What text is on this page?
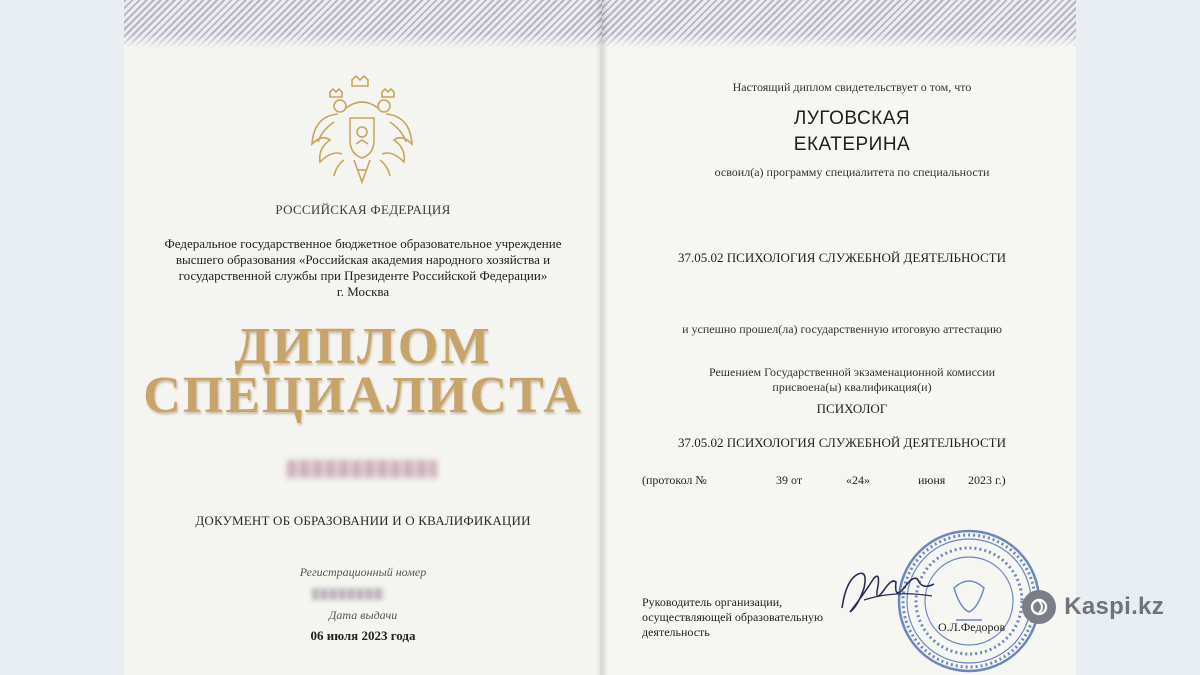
РОССИЙСКАЯ ФЕДЕРАЦИЯ
Федеральное государственное бюджетное образовательное учреждение
высшего образования «Российская академия народного хозяйства и
государственной службы при Президенте Российской Федерации»
г. Москва
ДИПЛОМ
СПЕЦИАЛИСТА
ДОКУМЕНТ ОБ ОБРАЗОВАНИИ И О КВАЛИФИКАЦИИ
Регистрационный номер
Дата выдачи
06 июля 2023 года
Настоящий диплом свидетельствует о том, что
ЛУГОВСКАЯ
ЕКАТЕРИНА
освоил(а) программу специалитета по специальности
37.05.02 ПСИХОЛОГИЯ СЛУЖЕБНОЙ ДЕЯТЕЛЬНОСТИ
и успешно прошел(ла) государственную итоговую аттестацию
Решением Государственной экзаменационной комиссии
присвоена(ы) квалификация(и)
ПСИХОЛОГ
37.05.02 ПСИХОЛОГИЯ СЛУЖЕБНОЙ ДЕЯТЕЛЬНОСТИ
(протокол №	39 от	«24»	июня 2023 г.)
Руководитель организации,
осуществляющей образовательную
деятельность	О.Л.Федоров
Kaspi.kz
